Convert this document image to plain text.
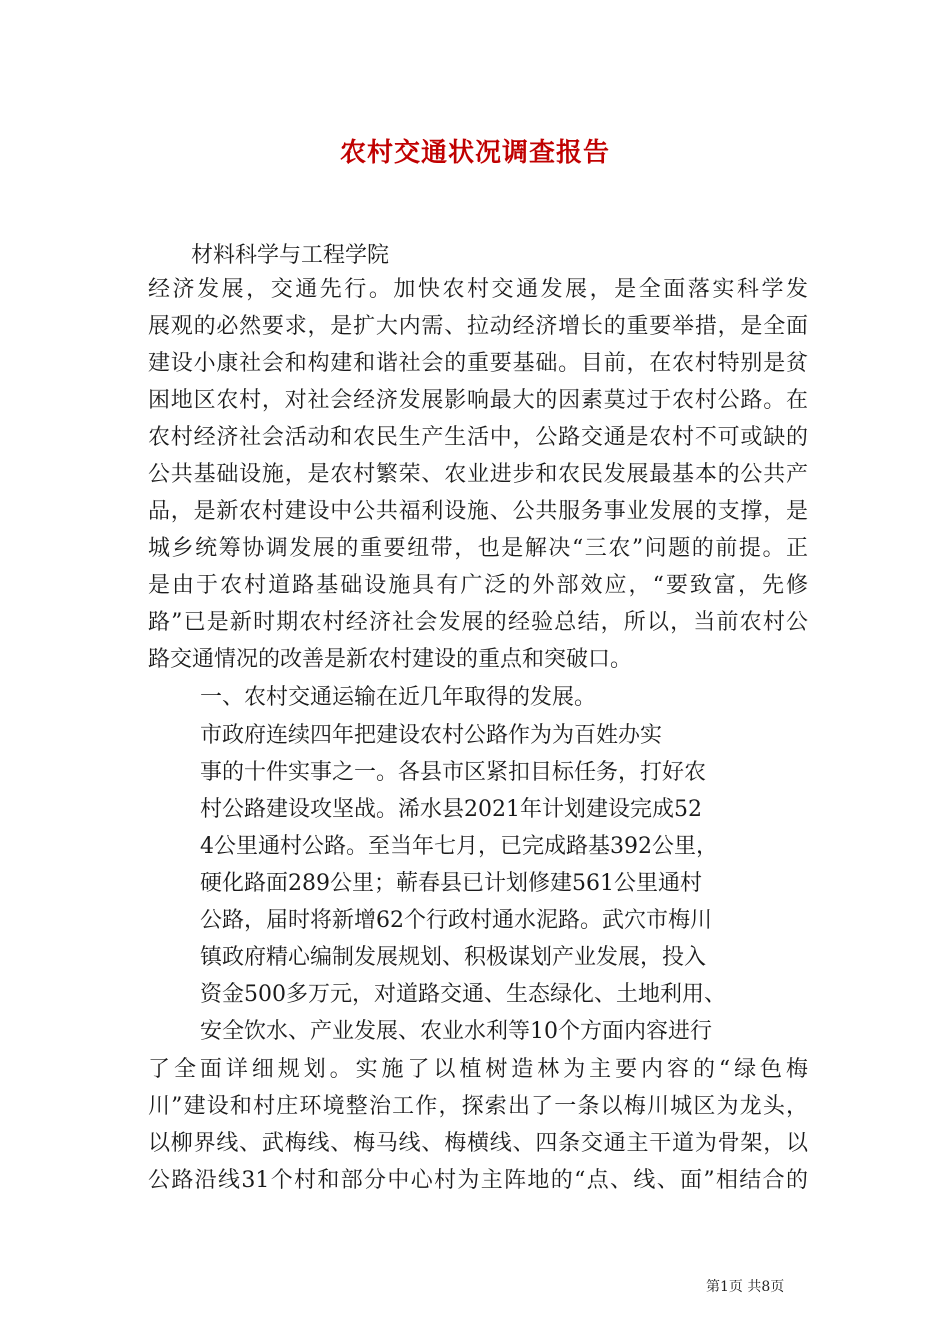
农村交通状况调查报告
材料科学与工程学院
经济发展，交通先行。加快农村交通发展，是全面落实科学发
展观的必然要求，是扩大内需、拉动经济增长的重要举措，是全面
建设小康社会和构建和谐社会的重要基础。目前，在农村特别是贫
困地区农村，对社会经济发展影响最大的因素莫过于农村公路。在
农村经济社会活动和农民生产生活中，公路交通是农村不可或缺的
公共基础设施，是农村繁荣、农业进步和农民发展最基本的公共产
品，是新农村建设中公共福利设施、公共服务事业发展的支撑，是
城乡统筹协调发展的重要纽带，也是解决“三农”问题的前提。正
是由于农村道路基础设施具有广泛的外部效应，“要致富，先修
路”已是新时期农村经济社会发展的经验总结，所以，当前农村公
路交通情况的改善是新农村建设的重点和突破口。
一、农村交通运输在近几年取得的发展。
市政府连续四年把建设农村公路作为为百姓办实
事的十件实事之一。各县市区紧扣目标任务，打好农
村公路建设攻坚战。浠水县2021年计划建设完成52
4公里通村公路。至当年七月，已完成路基392公里，
硬化路面289公里；蕲春县已计划修建561公里通村
公路，届时将新增62个行政村通水泥路。武穴市梅川
镇政府精心编制发展规划、积极谋划产业发展，投入
资金500多万元，对道路交通、生态绿化、土地利用、
安全饮水、产业发展、农业水利等10个方面内容进行
了全面详细规划。实施了以植树造林为主要内容的“绿色梅
川”建设和村庄环境整治工作，探索出了一条以梅川城区为龙头，
以柳界线、武梅线、梅马线、梅横线、四条交通主干道为骨架，以
公路沿线31个村和部分中心村为主阵地的“点、线、面”相结合的
第1页 共8页
